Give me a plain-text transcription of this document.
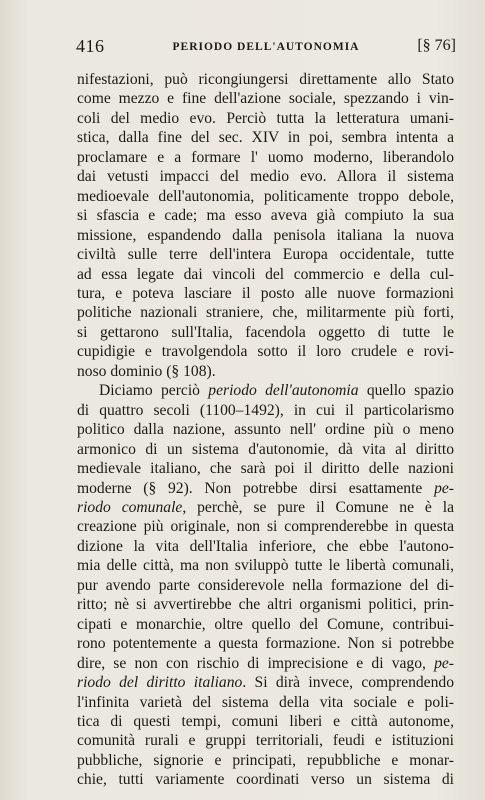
416	PERIODO DELL'AUTONOMIA	[§ 76]
nifestazioni, può ricongiungersi direttamente allo Stato
come mezzo e fine dell'azione sociale, spezzando i vin-
coli del medio evo. Perciò tutta la letteratura umani-
stica, dalla fine del sec. XIV in poi, sembra intenta a
proclamare e a formare l' uomo moderno, liberandolo
dai vetusti impacci del medio evo. Allora il sistema
medioevale dell'autonomia, politicamente troppo debole,
si sfascia e cade; ma esso aveva già compiuto la sua
missione, espandendo dalla penisola italiana la nuova
civiltà sulle terre dell'intera Europa occidentale, tutte
ad essa legate dai vincoli del commercio e della cul-
tura, e poteva lasciare il posto alle nuove formazioni
politiche nazionali straniere, che, militarmente più forti,
si gettarono sull'Italia, facendola oggetto di tutte le
cupidigie e travolgendola sotto il loro crudele e rovi-
noso dominio (§ 108).
Diciamo perciò periodo dell'autonomia quello spazio
di quattro secoli (1100–1492), in cui il particolarismo
politico dalla nazione, assunto nell' ordine più o meno
armonico di un sistema d'autonomie, dà vita al diritto
medievale italiano, che sarà poi il diritto delle nazioni
moderne (§ 92). Non potrebbe dirsi esattamente pe-
riodo comunale, perchè, se pure il Comune ne è la
creazione più originale, non si comprenderebbe in questa
dizione la vita dell'Italia inferiore, che ebbe l'autono-
mia delle città, ma non sviluppò tutte le libertà comunali,
pur avendo parte considerevole nella formazione del di-
ritto; nè si avvertirebbe che altri organismi politici, prin-
cipati e monarchie, oltre quello del Comune, contribui-
rono potentemente a questa formazione. Non si potrebbe
dire, se non con rischio di imprecisione e di vago, pe-
riodo del diritto italiano. Si dirà invece, comprendendo
l'infinita varietà del sistema della vita sociale e poli-
tica di questi tempi, comuni liberi e città autonome,
comunità rurali e gruppi territoriali, feudi e istituzioni
pubbliche, signorie e principati, repubbliche e monar-
chie, tutti variamente coordinati verso un sistema di
